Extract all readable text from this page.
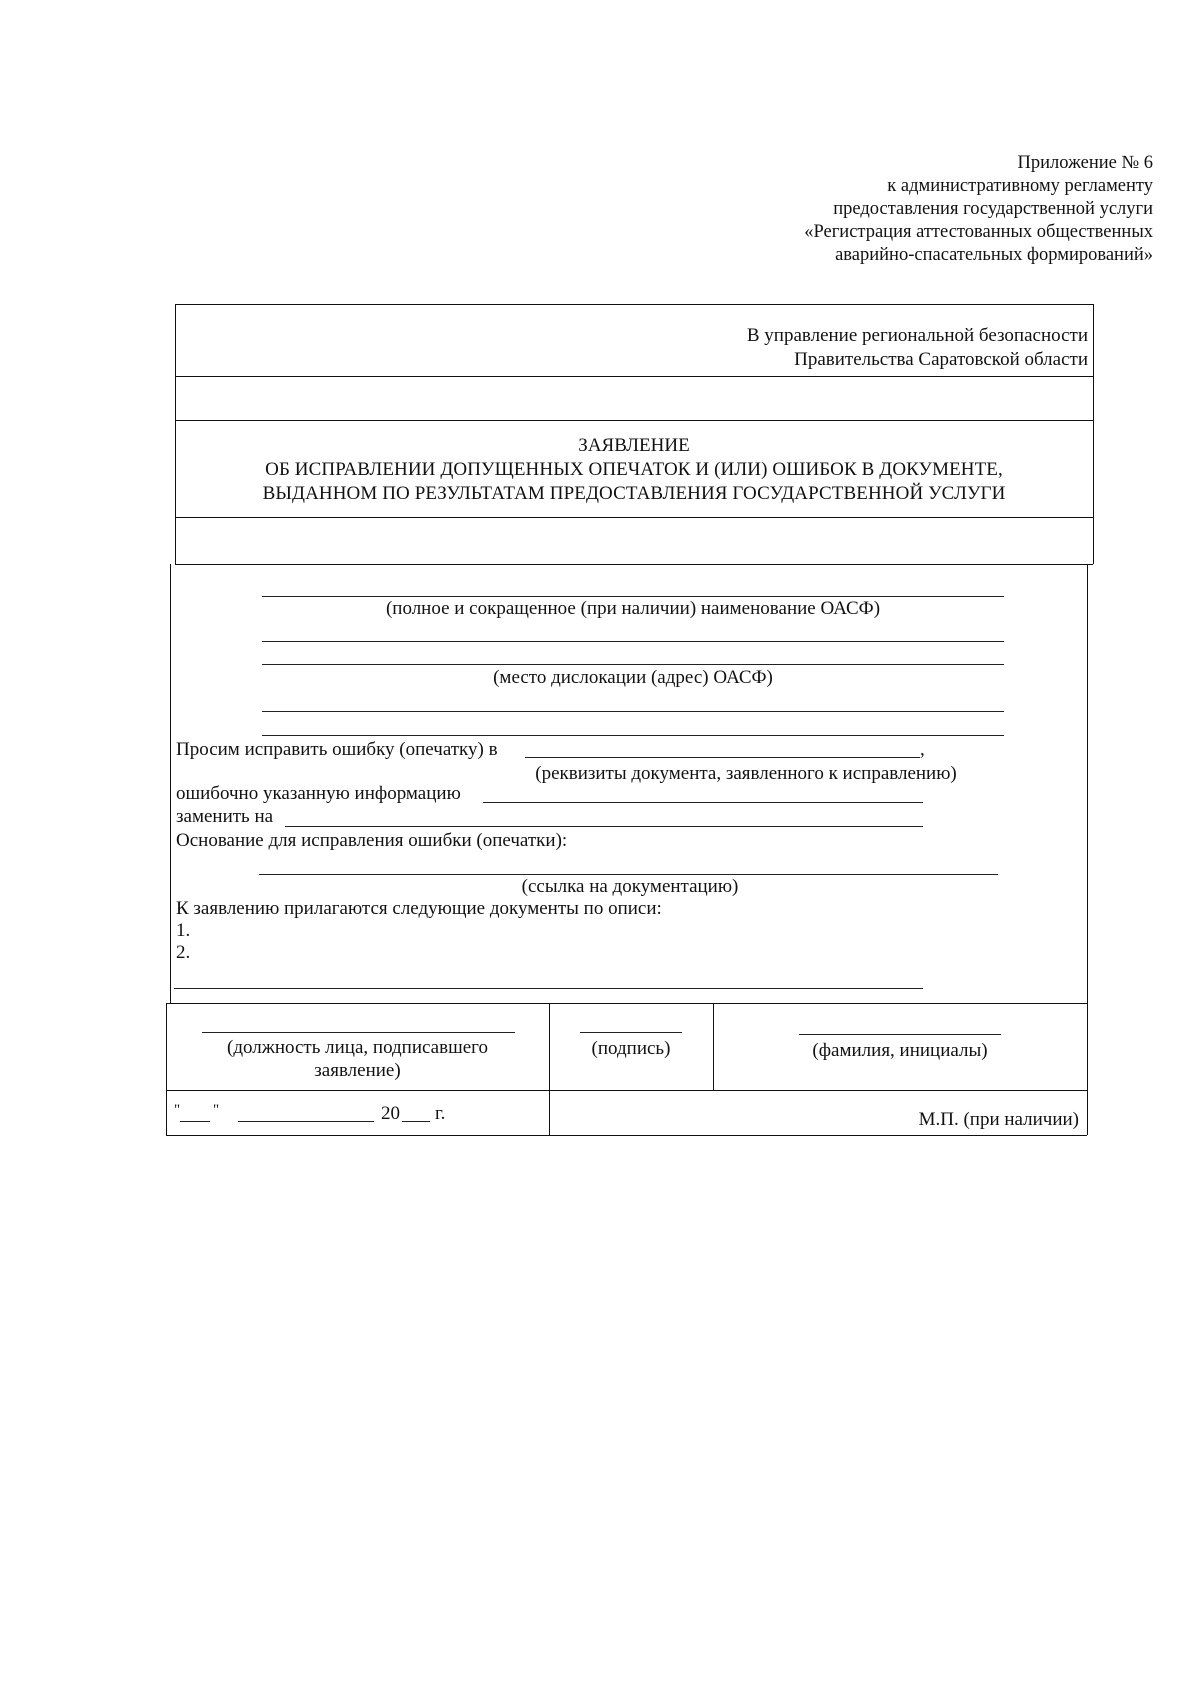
Приложение № 6
к административному регламенту
предоставления государственной услуги
«Регистрация аттестованных общественных
аварийно-спасательных формирований»
В управление региональной безопасности
Правительства Саратовской области
ЗАЯВЛЕНИЕ
ОБ ИСПРАВЛЕНИИ ДОПУЩЕННЫХ ОПЕЧАТОК И (ИЛИ) ОШИБОК В ДОКУМЕНТЕ,
ВЫДАННОМ ПО РЕЗУЛЬТАТАМ ПРЕДОСТАВЛЕНИЯ ГОСУДАРСТВЕННОЙ УСЛУГИ
(полное и сокращенное (при наличии) наименование ОАСФ)
(место дислокации (адрес) ОАСФ)
Просим исправить ошибку (опечатку) в	,
(реквизиты документа, заявленного к исправлению)
ошибочно указанную информацию
заменить на
Основание для исправления ошибки (опечатки):
(ссылка на документацию)
К заявлению прилагаются следующие документы по описи:
1.
2.
(должность лица, подписавшего
заявление)
(подпись)	(фамилия, инициалы)
" "	20 г.	М.П. (при наличии)
